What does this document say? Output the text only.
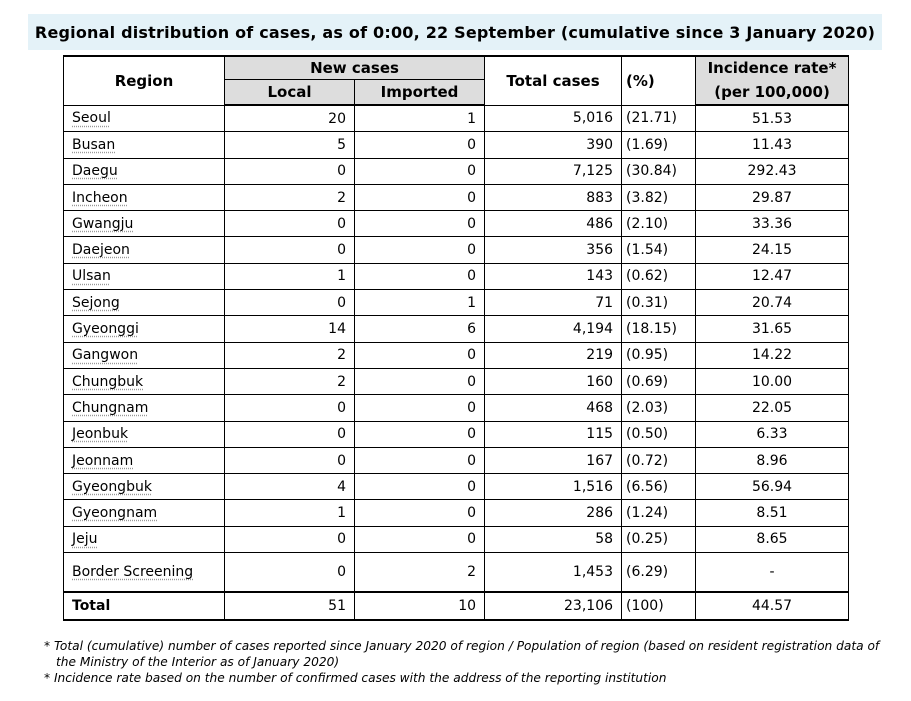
Regional distribution of cases, as of 0:00, 22 September (cumulative since 3 January 2020)
Region	New cases		Total cases	(%)	Incidence rate*
	Local	Imported			(per 100,000)
Seoul	20	1	5,016	(21.71)	51.53
Busan	5	0	390	(1.69)	11.43
Daegu	0	0	7,125	(30.84)	292.43
Incheon	2	0	883	(3.82)	29.87
Gwangju	0	0	486	(2.10)	33.36
Daejeon	0	0	356	(1.54)	24.15
Ulsan	1	0	143	(0.62)	12.47
Sejong	0	1	71	(0.31)	20.74
Gyeonggi	14	6	4,194	(18.15)	31.65
Gangwon	2	0	219	(0.95)	14.22
Chungbuk	2	0	160	(0.69)	10.00
Chungnam	0	0	468	(2.03)	22.05
Jeonbuk	0	0	115	(0.50)	6.33
Jeonnam	0	0	167	(0.72)	8.96
Gyeongbuk	4	0	1,516	(6.56)	56.94
Gyeongnam	1	0	286	(1.24)	8.51
Jeju	0	0	58	(0.25)	8.65
Border Screening	0	2	1,453	(6.29)	-
Total	51	10	23,106	(100)	44.57

* Total (cumulative) number of cases reported since January 2020 of region / Population of region (based on resident registration data of

the Ministry of the Interior as of January 2020)

* Incidence rate based on the number of confirmed cases with the address of the reporting institution
